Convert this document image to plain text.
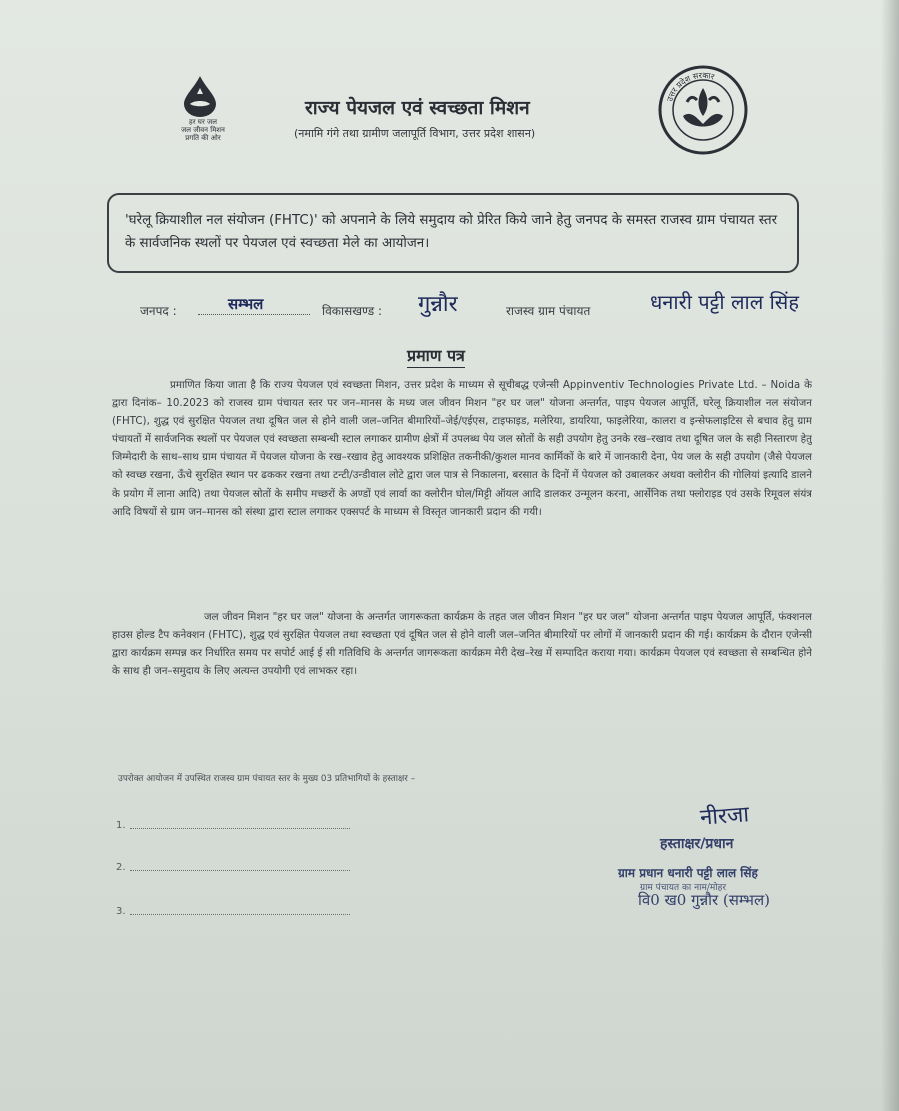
हर घर जल
जल जीवन मिशन
प्रगति की ओर
राज्य पेयजल एवं स्वच्छता मिशन
(नमामि गंगे तथा ग्रामीण जलापूर्ति विभाग, उत्तर प्रदेश शासन)
उत्तर प्रदेश सरकार
'घरेलू क्रियाशील नल संयोजन (FHTC)' को अपनाने के लिये समुदाय को प्रेरित किये जाने हेतु जनपद के समस्त राजस्व ग्राम पंचायत स्तर के सार्वजनिक स्थलों पर पेयजल एवं स्वच्छता मेले का आयोजन।
जनपद :	सम्भल	विकासखण्ड : गुन्नौर	राजस्व ग्राम पंचायत	धनारी पट्टी लाल सिंह
प्रमाण पत्र
प्रमाणित किया जाता है कि राज्य पेयजल एवं स्वच्छता मिशन, उत्तर प्रदेश के माध्यम से सूचीबद्ध एजेन्सी Appinventiv Technologies Private Ltd. – Noida के द्वारा दिनांक– 10.2023 को राजस्व ग्राम पंचायत स्तर पर जन–मानस के मध्य जल जीवन मिशन "हर घर जल" योजना अन्तर्गत, पाइप पेयजल आपूर्ति, घरेलू क्रियाशील नल संयोजन (FHTC), शुद्ध एवं सुरक्षित पेयजल तथा दूषित जल से होने वाली जल–जनित बीमारियों–जेई/एईएस, टाइफाइड, मलेरिया, डायरिया, फाइलेरिया, कालरा व इन्सेफलाइटिस से बचाव हेतु ग्राम पंचायतों में सार्वजनिक स्थलों पर पेयजल एवं स्वच्छता सम्बन्धी स्टाल लगाकर ग्रामीण क्षेत्रों में उपलब्ध पेय जल स्रोतों के सही उपयोग हेतु उनके रख–रखाव तथा दूषित जल के सही निस्तारण हेतु जिम्मेदारी के साथ–साथ ग्राम पंचायत में पेयजल योजना के रख–रखाव हेतु आवश्यक प्रशिक्षित तकनीकी/कुशल मानव कार्मिकों के बारे में जानकारी देना, पेय जल के सही उपयोग (जैसे पेयजल को स्वच्छ रखना, ऊँचे सुरक्षित स्थान पर ढककर रखना तथा टन्टी/उन्डीवाल लोटे द्वारा जल पात्र से निकालना, बरसात के दिनों में पेयजल को उबालकर अथवा क्लोरीन की गोलियां इत्यादि डालने के प्रयोग में लाना आदि) तथा पेयजल स्रोतों के समीप मच्छरों के अण्डों एवं लार्वा का क्लोरीन घोल/मिट्टी ऑयल आदि डालकर उन्मूलन करना, आर्सेनिक तथा फ्लोराइड एवं उसके रिमूवल संयंत्र आदि विषयों से ग्राम जन–मानस को संस्था द्वारा स्टाल लगाकर एक्सपर्ट के माध्यम से विस्तृत जानकारी प्रदान की गयी।
जल जीवन मिशन "हर घर जल" योजना के अन्तर्गत जागरूकता कार्यक्रम के तहत जल जीवन मिशन "हर घर जल" योजना अन्तर्गत पाइप पेयजल आपूर्ति, फंक्शनल हाउस होल्ड टैप कनेक्शन (FHTC), शुद्ध एवं सुरक्षित पेयजल तथा स्वच्छता एवं दूषित जल से होने वाली जल–जनित बीमारियों पर लोगों में जानकारी प्रदान की गई। कार्यक्रम के दौरान एजेन्सी द्वारा कार्यक्रम सम्पन्न कर निर्धारित समय पर सपोर्ट आई ई सी गतिविधि के अन्तर्गत जागरूकता कार्यक्रम मेरी देख–रेख में सम्पादित कराया गया। कार्यक्रम पेयजल एवं स्वच्छता से सम्बन्धित होने के साथ ही जन–समुदाय के लिए अत्यन्त उपयोगी एवं लाभकर रहा।
उपरोक्त आयोजन में उपस्थित राजस्व ग्राम पंचायत स्तर के मुख्य 03 प्रतिभागियों के हस्ताक्षर –
1.
2.
3.
नीरजा
हस्ताक्षर/प्रधान
ग्राम प्रधान धनारी पट्टी लाल सिंह
ग्राम पंचायत का नाम/मोहर
वि0 ख0 गुन्नौर (सम्भल)
